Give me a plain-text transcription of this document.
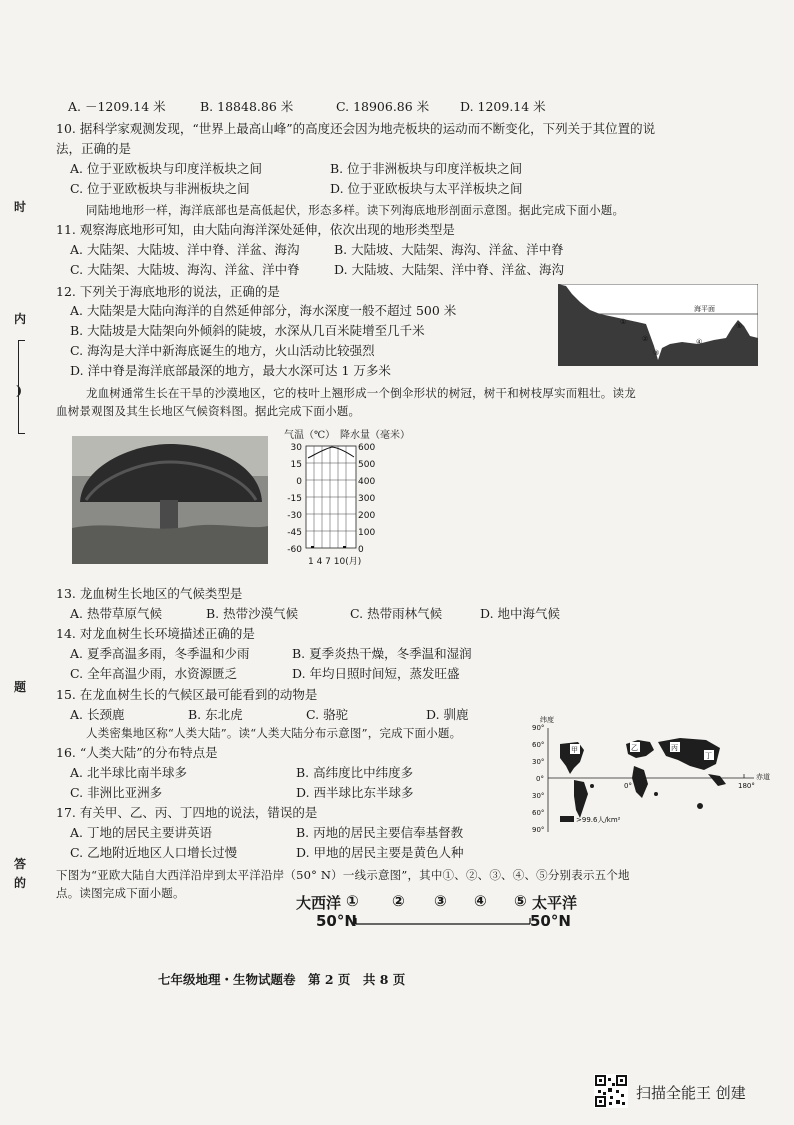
时
内
)
题
答
的
A. －1209.14 米	B. 18848.86 米	C. 18906.86 米 D. 1209.14 米
10. 据科学家观测发现，“世界上最高山峰”的高度还会因为地壳板块的运动而不断变化，下列关于其位置的说
法，正确的是
A. 位于亚欧板块与印度洋板块之间	B. 位于非洲板块与印度洋板块之间
C. 位于亚欧板块与非洲板块之间	D. 位于亚欧板块与太平洋板块之间
同陆地地形一样，海洋底部也是高低起伏，形态多样。读下列海底地形剖面示意图。据此完成下面小题。
11. 观察海底地形可知，由大陆向海洋深处延伸，依次出现的地形类型是
A. 大陆架、大陆坡、洋中脊、洋盆、海沟	B. 大陆坡、大陆架、海沟、洋盆、洋中脊
C. 大陆架、大陆坡、海沟、洋盆、洋中脊	D. 大陆坡、大陆架、洋中脊、洋盆、海沟
12. 下列关于海底地形的说法，正确的是
A. 大陆架是大陆向海洋的自然延伸部分，海水深度一般不超过 500 米
B. 大陆坡是大陆架向外倾斜的陡坡，水深从几百米陡增至几千米
C. 海沟是大洋中新海底诞生的地方，火山活动比较强烈
D. 洋中脊是海洋底部最深的地方，最大水深可达 1 万多米
海平面
①
②
③
④
⑤
龙血树通常生长在干旱的沙漠地区，它的枝叶上翘形成一个倒伞形状的树冠，树干和树枝厚实而粗壮。读龙
血树景观图及其生长地区气候资料图。据此完成下面小题。
气温（℃） 降水量（毫米）
30
15
0
-15
-30
-45
-60
600
500
400
300
200
100
0
1 4 7 10(月)
13. 龙血树生长地区的气候类型是
A. 热带草原气候	B. 热带沙漠气候	C. 热带雨林气候	D. 地中海气候
14. 对龙血树生长环境描述正确的是
A. 夏季高温多雨，冬季温和少雨	B. 夏季炎热干燥，冬季温和湿润
C. 全年高温少雨，水资源匮乏	D. 年均日照时间短，蒸发旺盛
15. 在龙血树生长的气候区最可能看到的动物是
A. 长颈鹿	B. 东北虎	C. 骆驼	D. 驯鹿
人类密集地区称“人类大陆”。读“人类大陆分布示意图”，完成下面小题。
16. “人类大陆”的分布特点是
A. 北半球比南半球多	B. 高纬度比中纬度多
C. 非洲比亚洲多	D. 西半球比东半球多
17. 有关甲、乙、丙、丁四地的说法，错误的是
A. 丁地的居民主要讲英语	B. 丙地的居民主要信奉基督教
C. 乙地附近地区人口增长过慢	D. 甲地的居民主要是黄色人种
纬度
90°
60°
30°
0°
30°
60°
90°
赤道
0°	180°
甲	乙	丙
丁
>99.6人/km²
下图为“亚欧大陆自大西洋沿岸到太平洋沿岸（50° N）一线示意图”，其中①、②、③、④、⑤分别表示五个地
点。读图完成下面小题。
大西洋 ① ② ③ ④ ⑤ 太平洋
50°N	50°N
七年级地理・生物试题卷　第 2 页　共 8 页
扫描全能王 创建
